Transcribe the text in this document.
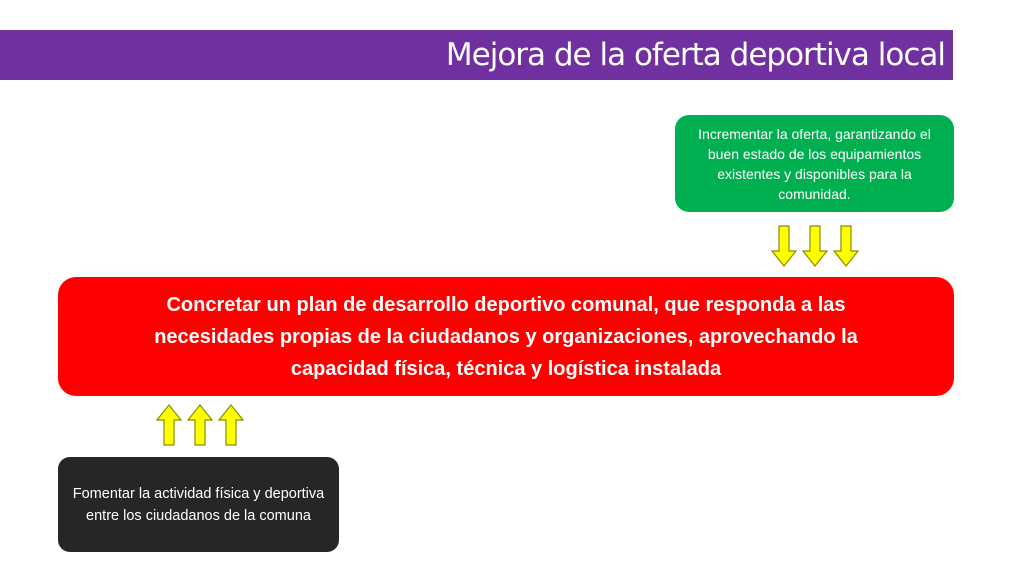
Mejora de la oferta deportiva local
Incrementar la oferta, garantizando el buen estado de los equipamientos existentes y disponibles para la comunidad.
Concretar un plan de desarrollo deportivo comunal, que responda a las necesidades propias de la ciudadanos y organizaciones, aprovechando la capacidad física, técnica y logística instalada
Fomentar la actividad física y deportiva entre los ciudadanos de la comuna
